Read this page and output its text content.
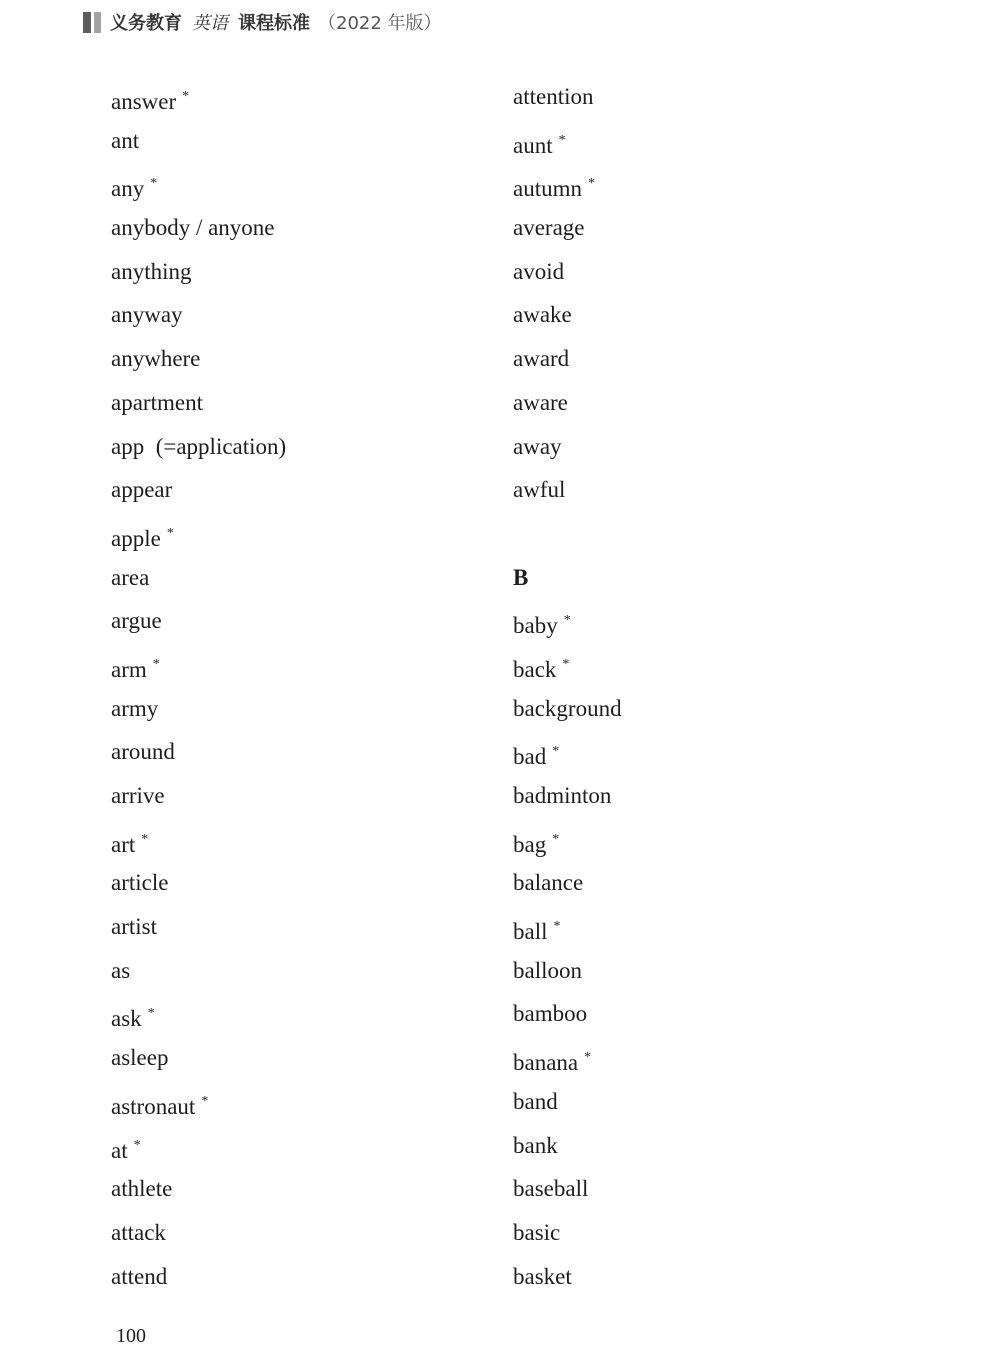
义务教育 英语 课程标准 （2022 年版）
answer *
ant
any *
anybody / anyone
anything
anyway
anywhere
apartment
app  (=application)
appear
apple *
area
argue
arm *
army
around
arrive
art *
article
artist
as
ask *
asleep
astronaut *
at *
athlete
attack
attend
attention
aunt *
autumn *
average
avoid
awake
award
aware
away
awful
B
baby *
back *
background
bad *
badminton
bag *
balance
ball *
balloon
bamboo
banana *
band
bank
baseball
basic
basket
100
